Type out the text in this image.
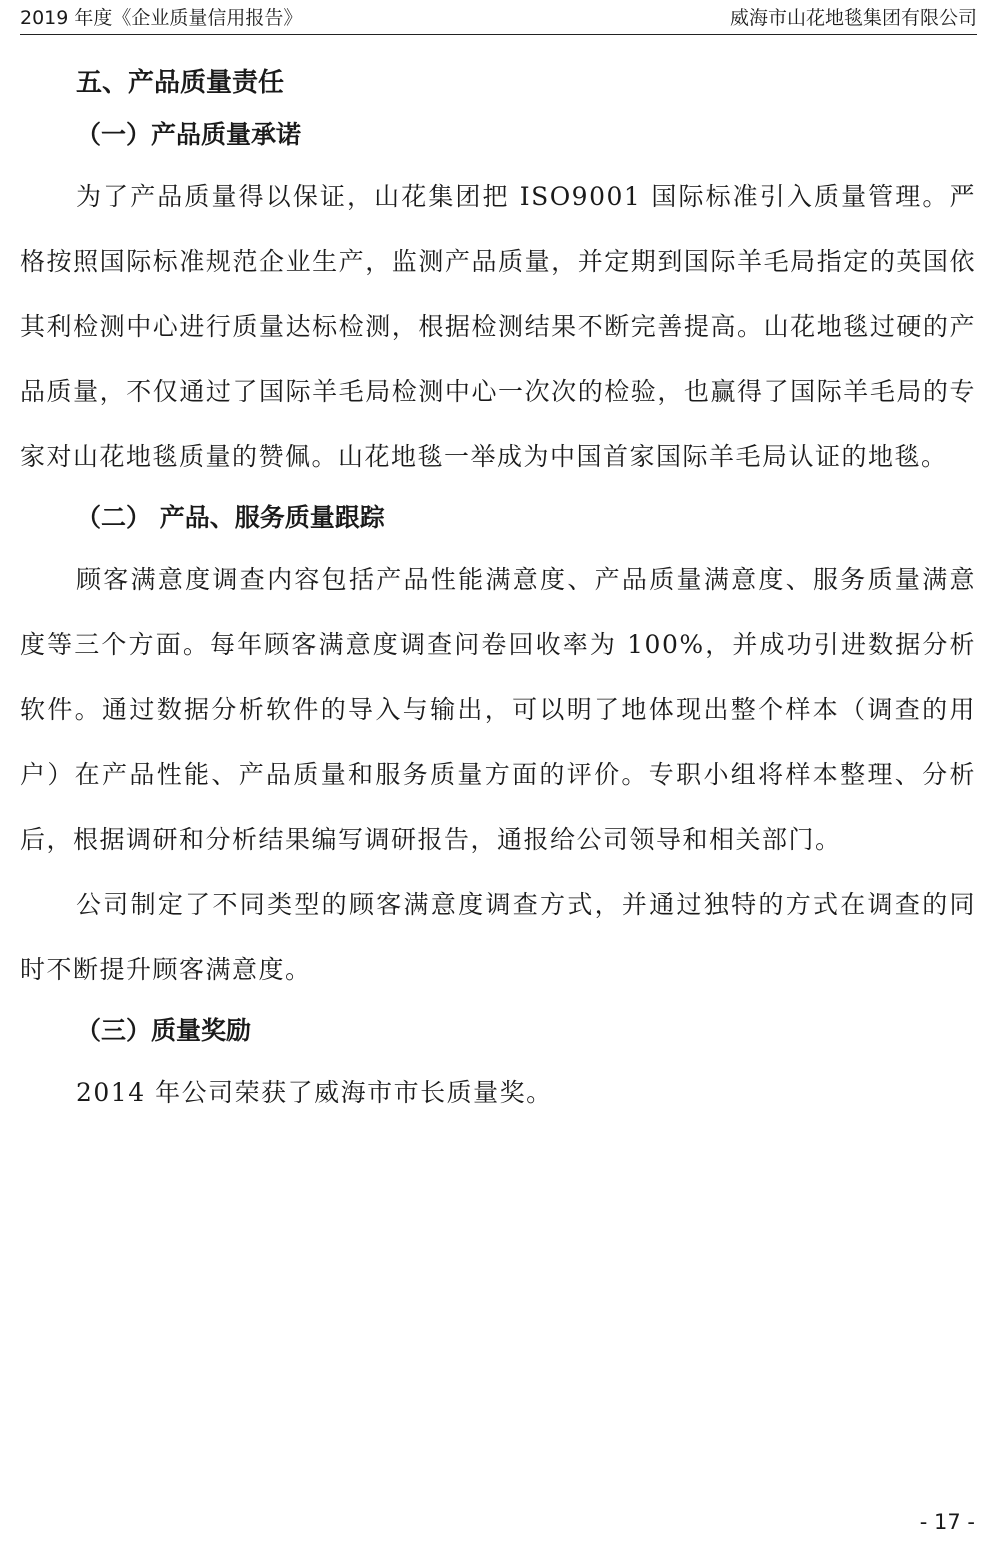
2019 年度《企业质量信用报告》	威海市山花地毯集团有限公司
五、产品质量责任
（一）产品质量承诺

为了产品质量得以保证，山花集团把 ISO9001 国际标准引入质量管理。严格按照国际标准规范企业生产，监测产品质量，并定期到国际羊毛局指定的英国依其利检测中心进行质量达标检测，根据检测结果不断完善提高。山花地毯过硬的产品质量，不仅通过了国际羊毛局检测中心一次次的检验，也赢得了国际羊毛局的专家对山花地毯质量的赞佩。山花地毯一举成为中国首家国际羊毛局认证的地毯。

（二） 产品、服务质量跟踪

顾客满意度调查内容包括产品性能满意度、产品质量满意度、服务质量满意度等三个方面。每年顾客满意度调查问卷回收率为 100%，并成功引进数据分析软件。通过数据分析软件的导入与输出，可以明了地体现出整个样本（调查的用户）在产品性能、产品质量和服务质量方面的评价。专职小组将样本整理、分析后，根据调研和分析结果编写调研报告，通报给公司领导和相关部门。

公司制定了不同类型的顾客满意度调查方式，并通过独特的方式在调查的同时不断提升顾客满意度。

（三）质量奖励

2014 年公司荣获了威海市市长质量奖。

- 17 -
